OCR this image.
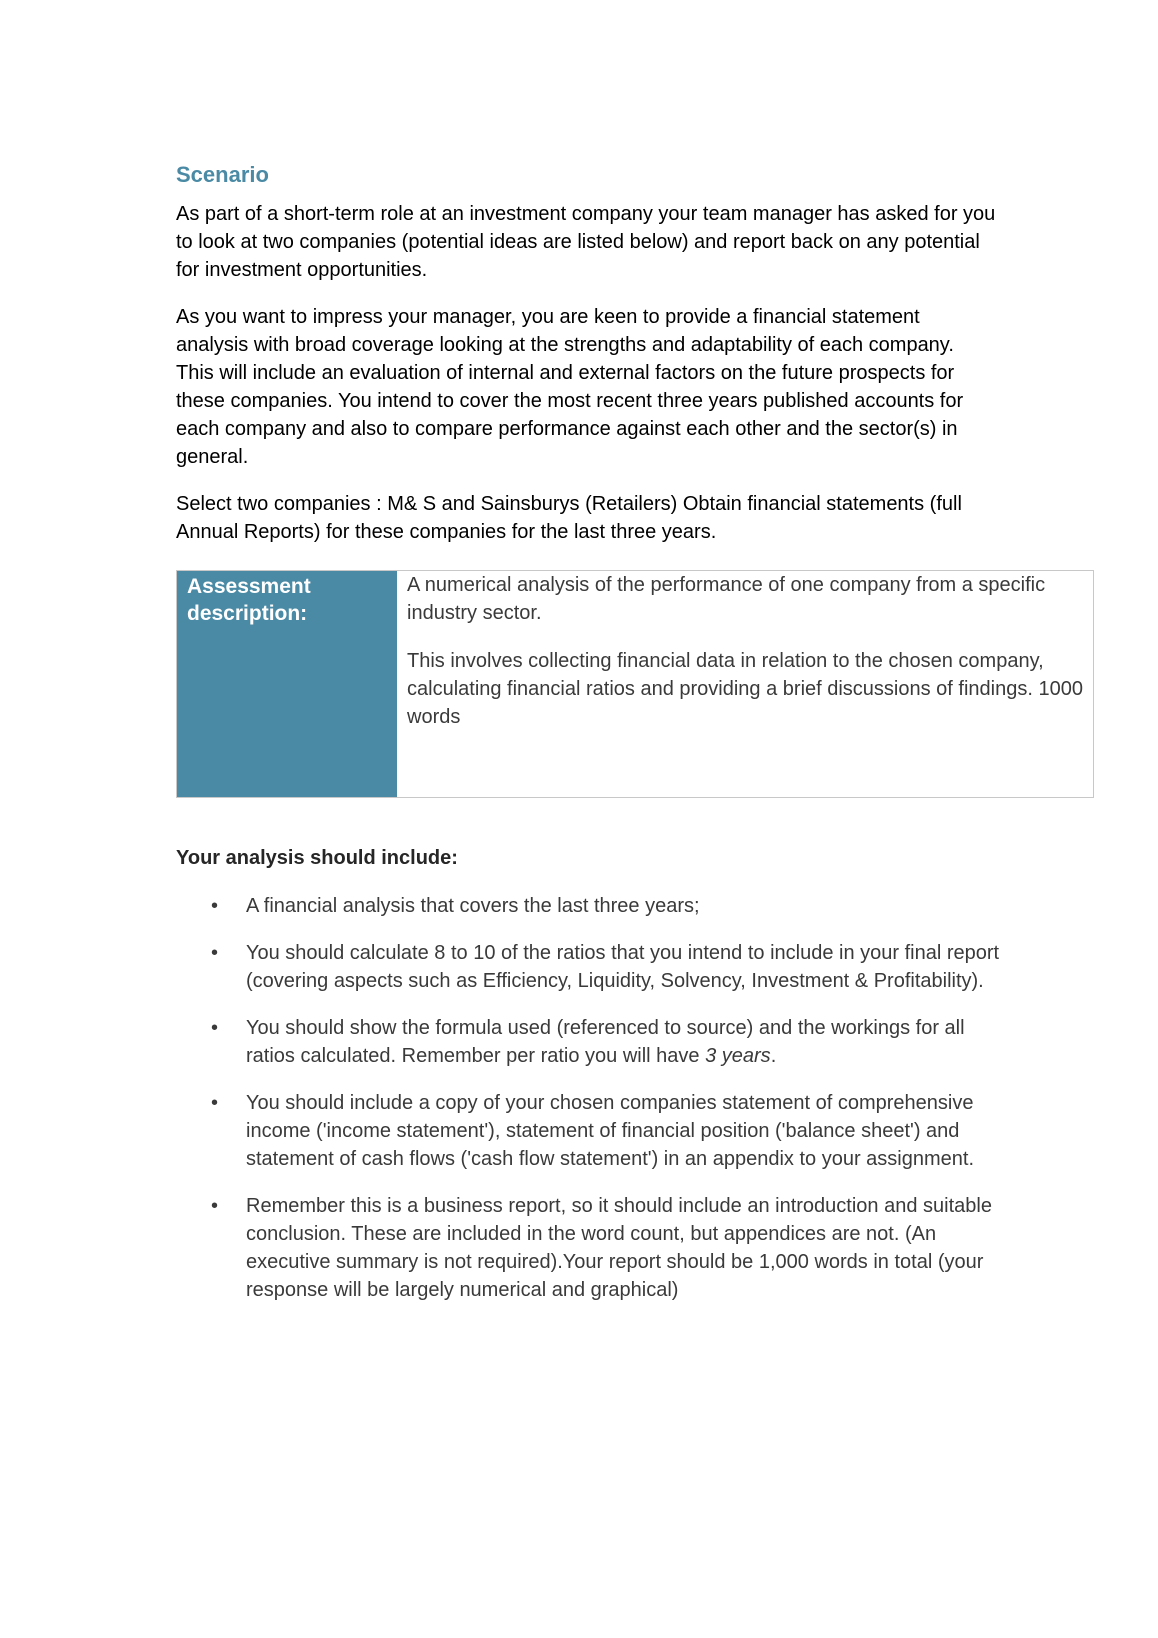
Scenario

As part of a short-term role at an investment company your team manager has asked for you to look at two companies (potential ideas are listed below) and report back on any potential for investment opportunities.

As you want to impress your manager, you are keen to provide a financial statement analysis with broad coverage looking at the strengths and adaptability of each company. This will include an evaluation of internal and external factors on the future prospects for these companies. You intend to cover the most recent three years published accounts for each company and also to compare performance against each other and the sector(s) in general.

Select two companies : M& S and Sainsburys (Retailers) Obtain financial statements (full Annual Reports) for these companies for the last three years.

Assessment description:

A numerical analysis of the performance of one company from a specific industry sector.

This involves collecting financial data in relation to the chosen company, calculating financial ratios and providing a brief discussions of findings. 1000 words

Your analysis should include:
• A financial analysis that covers the last three years;
• You should calculate 8 to 10 of the ratios that you intend to include in your final report (covering aspects such as Efficiency, Liquidity, Solvency, Investment & Profitability).
• You should show the formula used (referenced to source) and the workings for all ratios calculated. Remember per ratio you will have 3 years.
• You should include a copy of your chosen companies statement of comprehensive income ('income statement'), statement of financial position ('balance sheet') and statement of cash flows ('cash flow statement') in an appendix to your assignment.
• Remember this is a business report, so it should include an introduction and suitable conclusion. These are included in the word count, but appendices are not. (An executive summary is not required).Your report should be 1,000 words in total (your response will be largely numerical and graphical)
